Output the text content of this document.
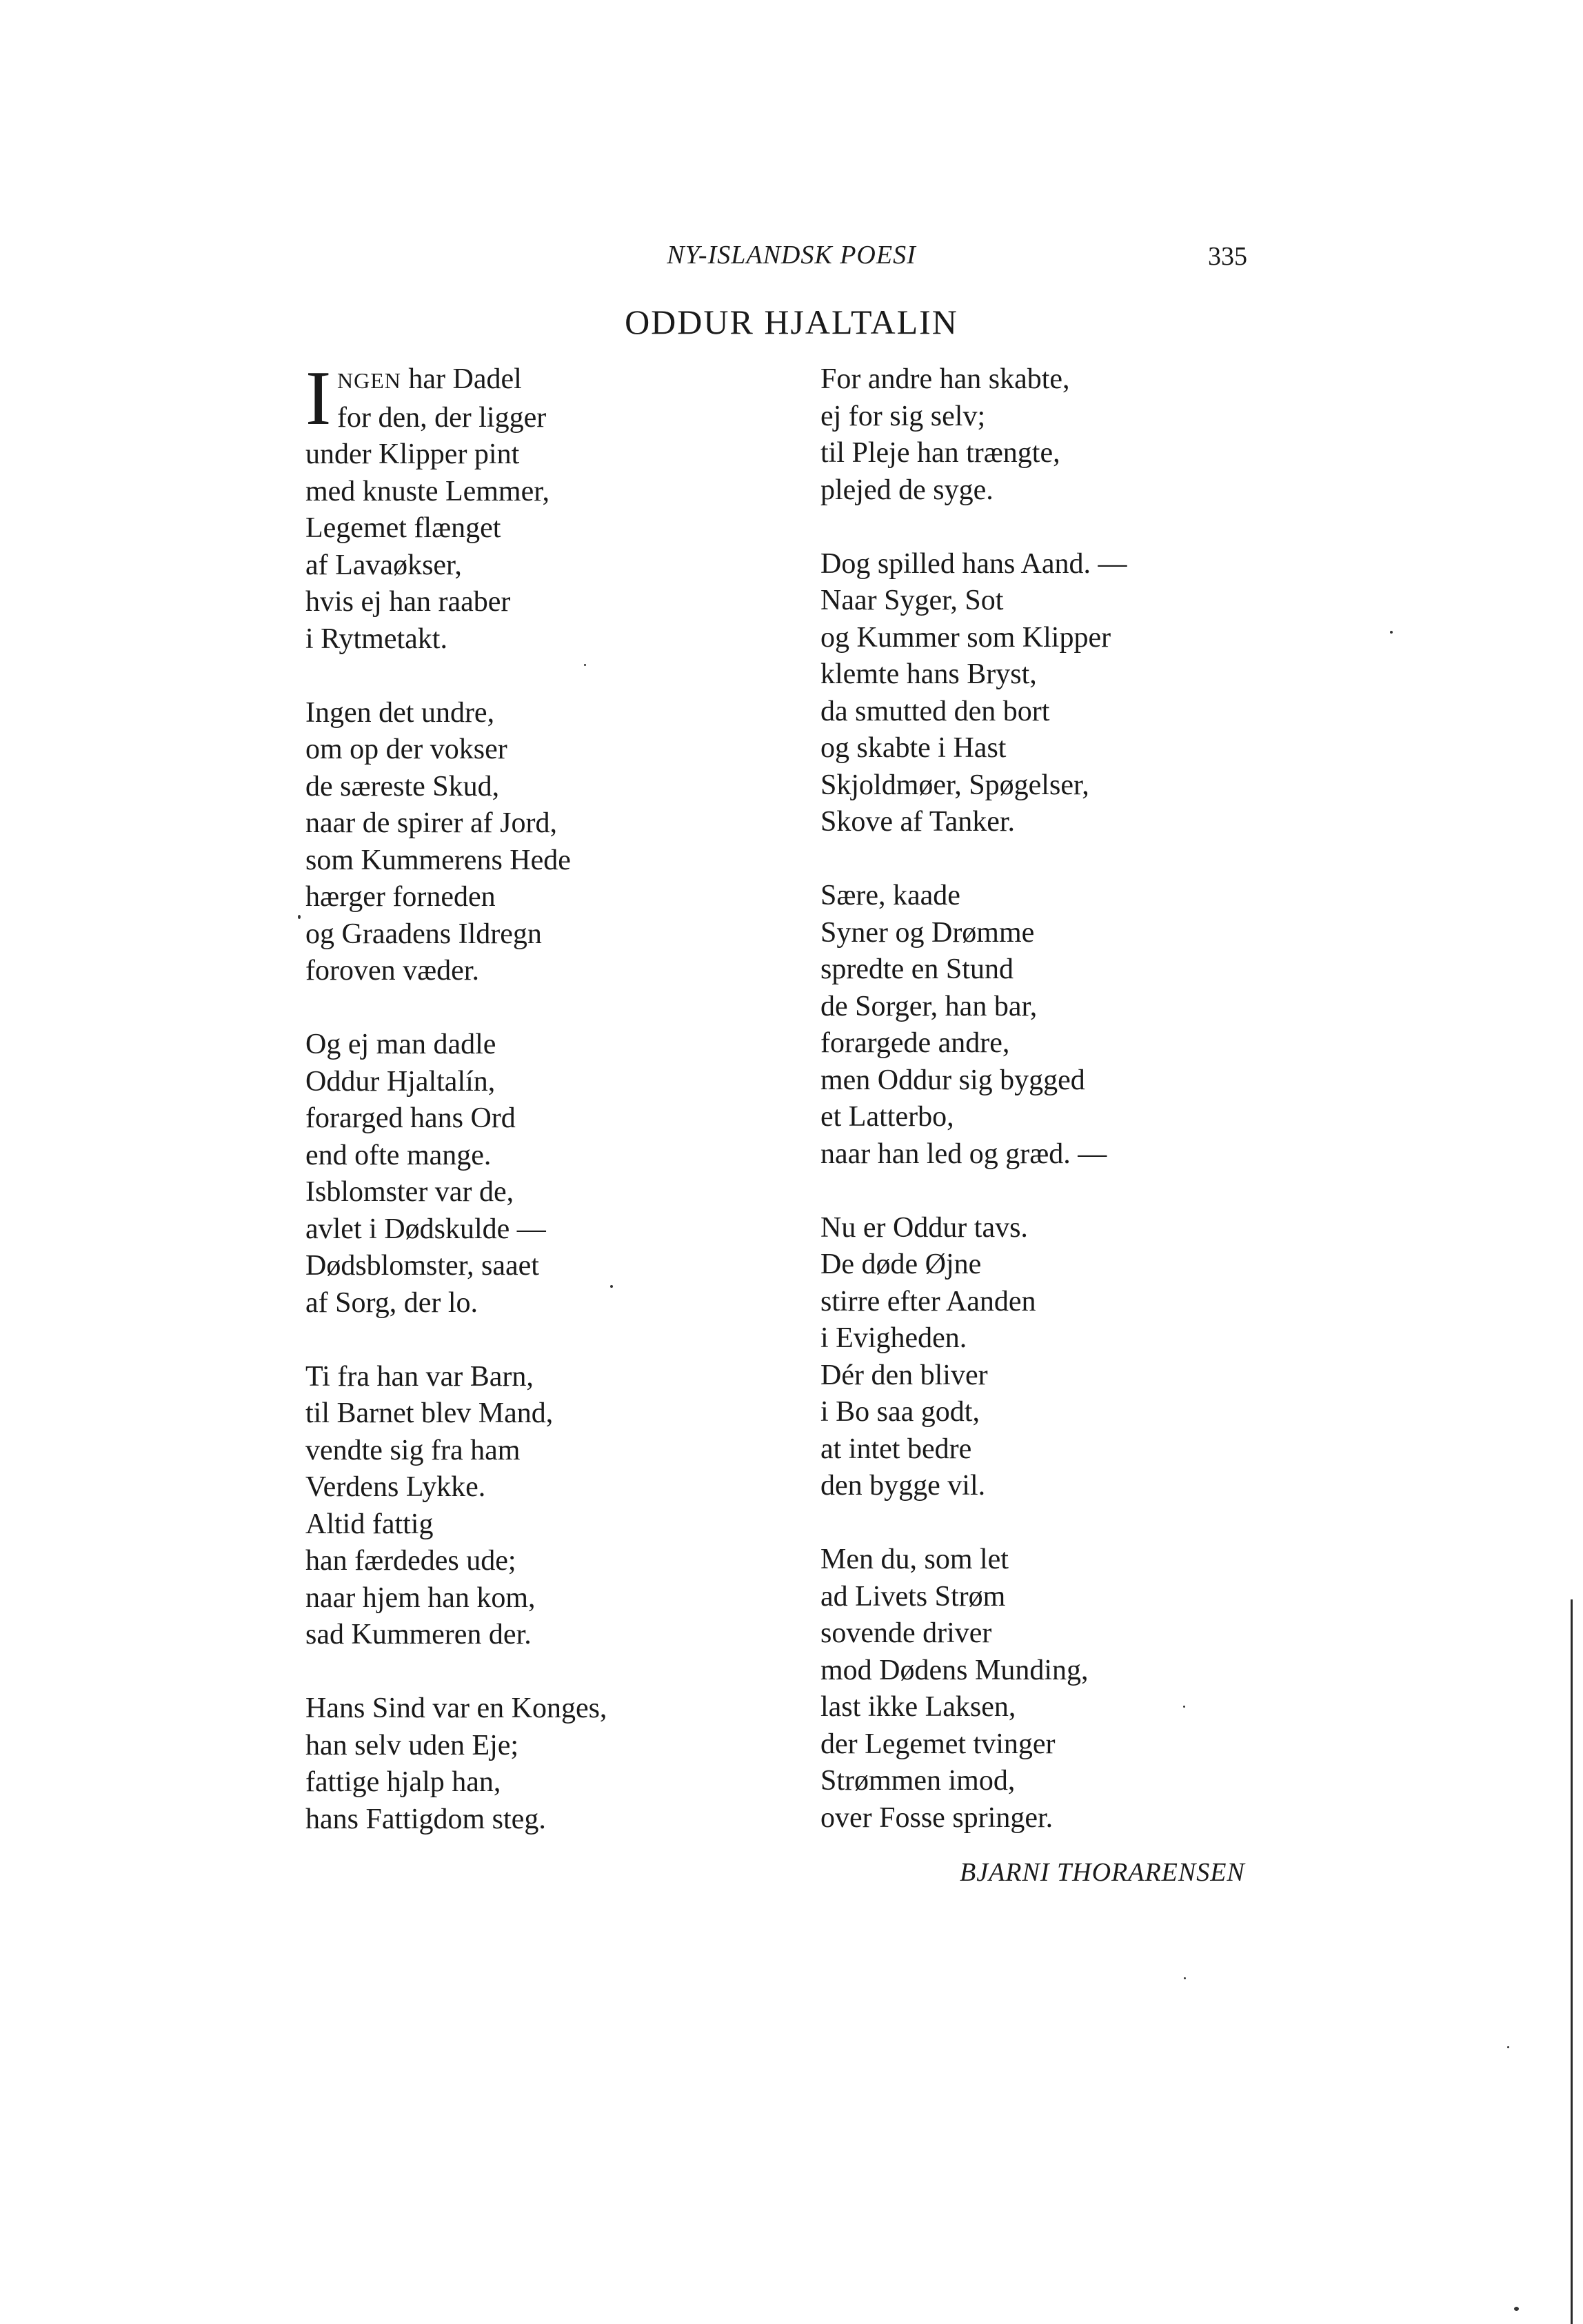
NY-ISLANDSK POESI	335
ODDUR HJALTALIN
I NGEN har Dadel
for den, der ligger
under Klipper pint
med knuste Lemmer,
Legemet flænget
af Lavaøkser,
hvis ej han raaber
i Rytmetakt.
Ingen det undre,
om op der vokser
de særeste Skud,
naar de spirer af Jord,
som Kummerens Hede
hærger forneden
og Graadens Ildregn
foroven væder.
Og ej man dadle
Oddur Hjaltalín,
forarged hans Ord
end ofte mange.
Isblomster var de,
avlet i Dødskulde —
Dødsblomster, saaet
af Sorg, der lo.
Ti fra han var Barn,
til Barnet blev Mand,
vendte sig fra ham
Verdens Lykke.
Altid fattig
han færdedes ude;
naar hjem han kom,
sad Kummeren der.
Hans Sind var en Konges,
han selv uden Eje;
fattige hjalp han,
hans Fattigdom steg.
For andre han skabte,
ej for sig selv;
til Pleje han trængte,
plejed de syge.
Dog spilled hans Aand. —
Naar Syger, Sot
og Kummer som Klipper
klemte hans Bryst,
da smutted den bort
og skabte i Hast
Skjoldmøer, Spøgelser,
Skove af Tanker.
Sære, kaade
Syner og Drømme
spredte en Stund
de Sorger, han bar,
forargede andre,
men Oddur sig bygged
et Latterbo,
naar han led og græd. —
Nu er Oddur tavs.
De døde Øjne
stirre efter Aanden
i Evigheden.
Dér den bliver
i Bo saa godt,
at intet bedre
den bygge vil.
Men du, som let
ad Livets Strøm
sovende driver
mod Dødens Munding,
last ikke Laksen,
der Legemet tvinger
Strømmen imod,
over Fosse springer.
BJARNI THORARENSEN
